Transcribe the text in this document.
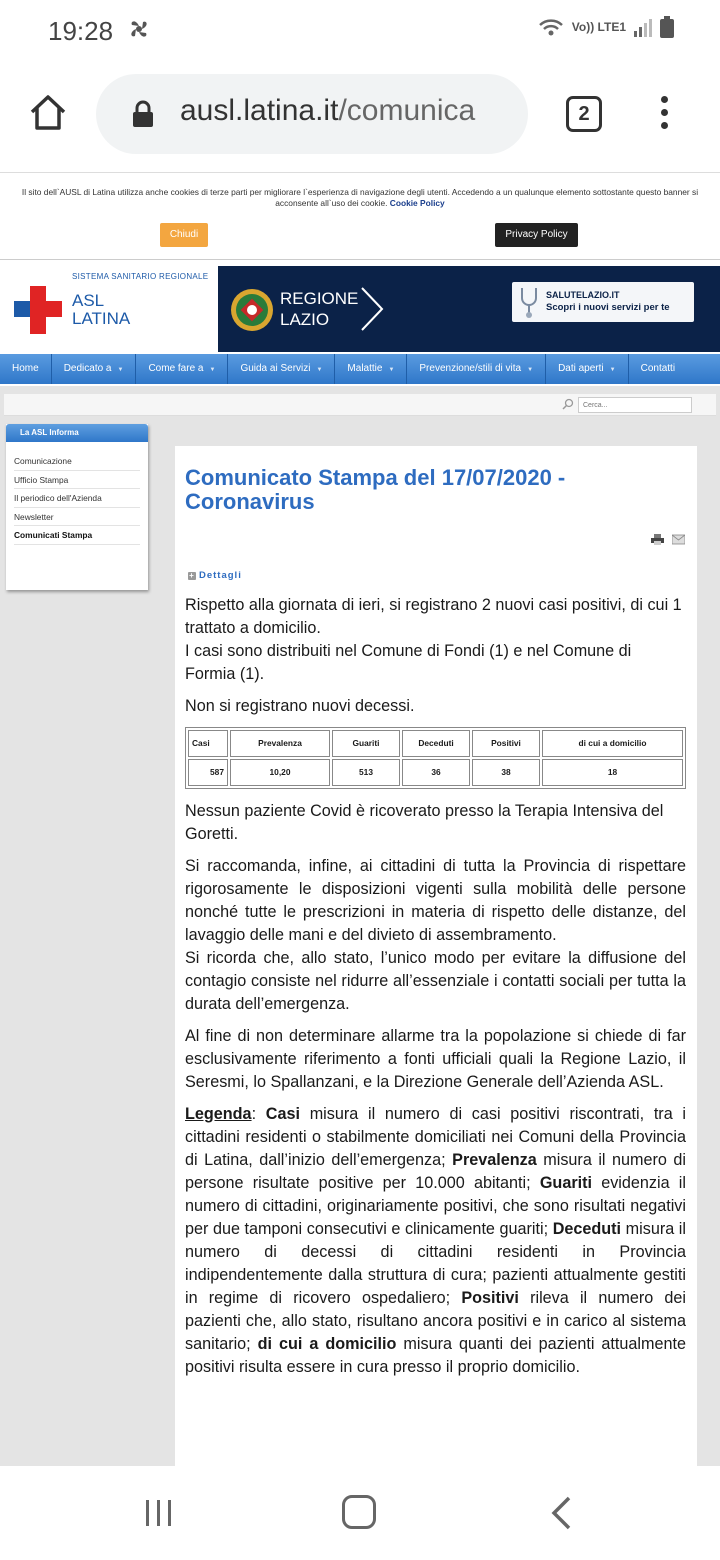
19:28	Vo)) LTE1
ausl.latina.it/comunica	2
Il sito dell`AUSL di Latina utilizza anche cookies di terze parti per migliorare l`esperienza di navigazione degli utenti. Accedendo a un qualunque elemento sottostante questo banner si acconsente all`uso dei cookie. Cookie Policy
Chiudi	Privacy Policy
SISTEMA SANITARIO REGIONALE
ASL
LATINA
REGIONE
LAZIO
SALUTELAZIO.IT
Scopri i nuovi servizi per te
Home	Dedicato a ▼	Come fare a ▼	Guida ai Servizi ▼	Malattie ▼	Prevenzione/stili di vita ▼	Dati aperti ▼	Contatti
Cerca...
La ASL Informa
Comunicazione
Ufficio Stampa
Il periodico dell'Azienda
Newsletter
Comunicati Stampa
Comunicato Stampa del 17/07/2020 - Coronavirus
+ Dettagli

Rispetto alla giornata di ieri, si registrano 2 nuovi casi positivi, di cui 1 trattato a domicilio.
I casi sono distribuiti nel Comune di Fondi (1) e nel Comune di Formia (1).

Non si registrano nuovi decessi.

Casi	Prevalenza	Guariti	Deceduti	Positivi	di cui a domicilio
587	10,20	513	36	38	18

Nessun paziente Covid è ricoverato presso la Terapia Intensiva del Goretti.

Si raccomanda, infine, ai cittadini di tutta la Provincia di rispettare rigorosamente le disposizioni vigenti sulla mobilità delle persone nonché tutte le prescrizioni in materia di rispetto delle distanze, del lavaggio delle mani e del divieto di assembramento.
Si ricorda che, allo stato, l’unico modo per evitare la diffusione del contagio consiste nel ridurre all’essenziale i contatti sociali per tutta la durata dell’emergenza.

Al fine di non determinare allarme tra la popolazione si chiede di far esclusivamente riferimento a fonti ufficiali quali la Regione Lazio, il Seresmi, lo Spallanzani, e la Direzione Generale dell’Azienda ASL.

Legenda: Casi misura il numero di casi positivi riscontrati, tra i cittadini residenti o stabilmente domiciliati nei Comuni della Provincia di Latina, dall’inizio dell’emergenza; Prevalenza misura il numero di persone risultate positive per 10.000 abitanti; Guariti evidenzia il numero di cittadini, originariamente positivi, che sono risultati negativi per due tamponi consecutivi e clinicamente guariti; Deceduti misura il numero di decessi di cittadini residenti in Provincia indipendentemente dalla struttura di cura; pazienti attualmente gestiti in regime di ricovero ospedaliero; Positivi rileva il numero dei pazienti che, allo stato, risultano ancora positivi e in carico al sistema sanitario; di cui a domicilio misura quanti dei pazienti attualmente positivi risulta essere in cura presso il proprio domicilio.
